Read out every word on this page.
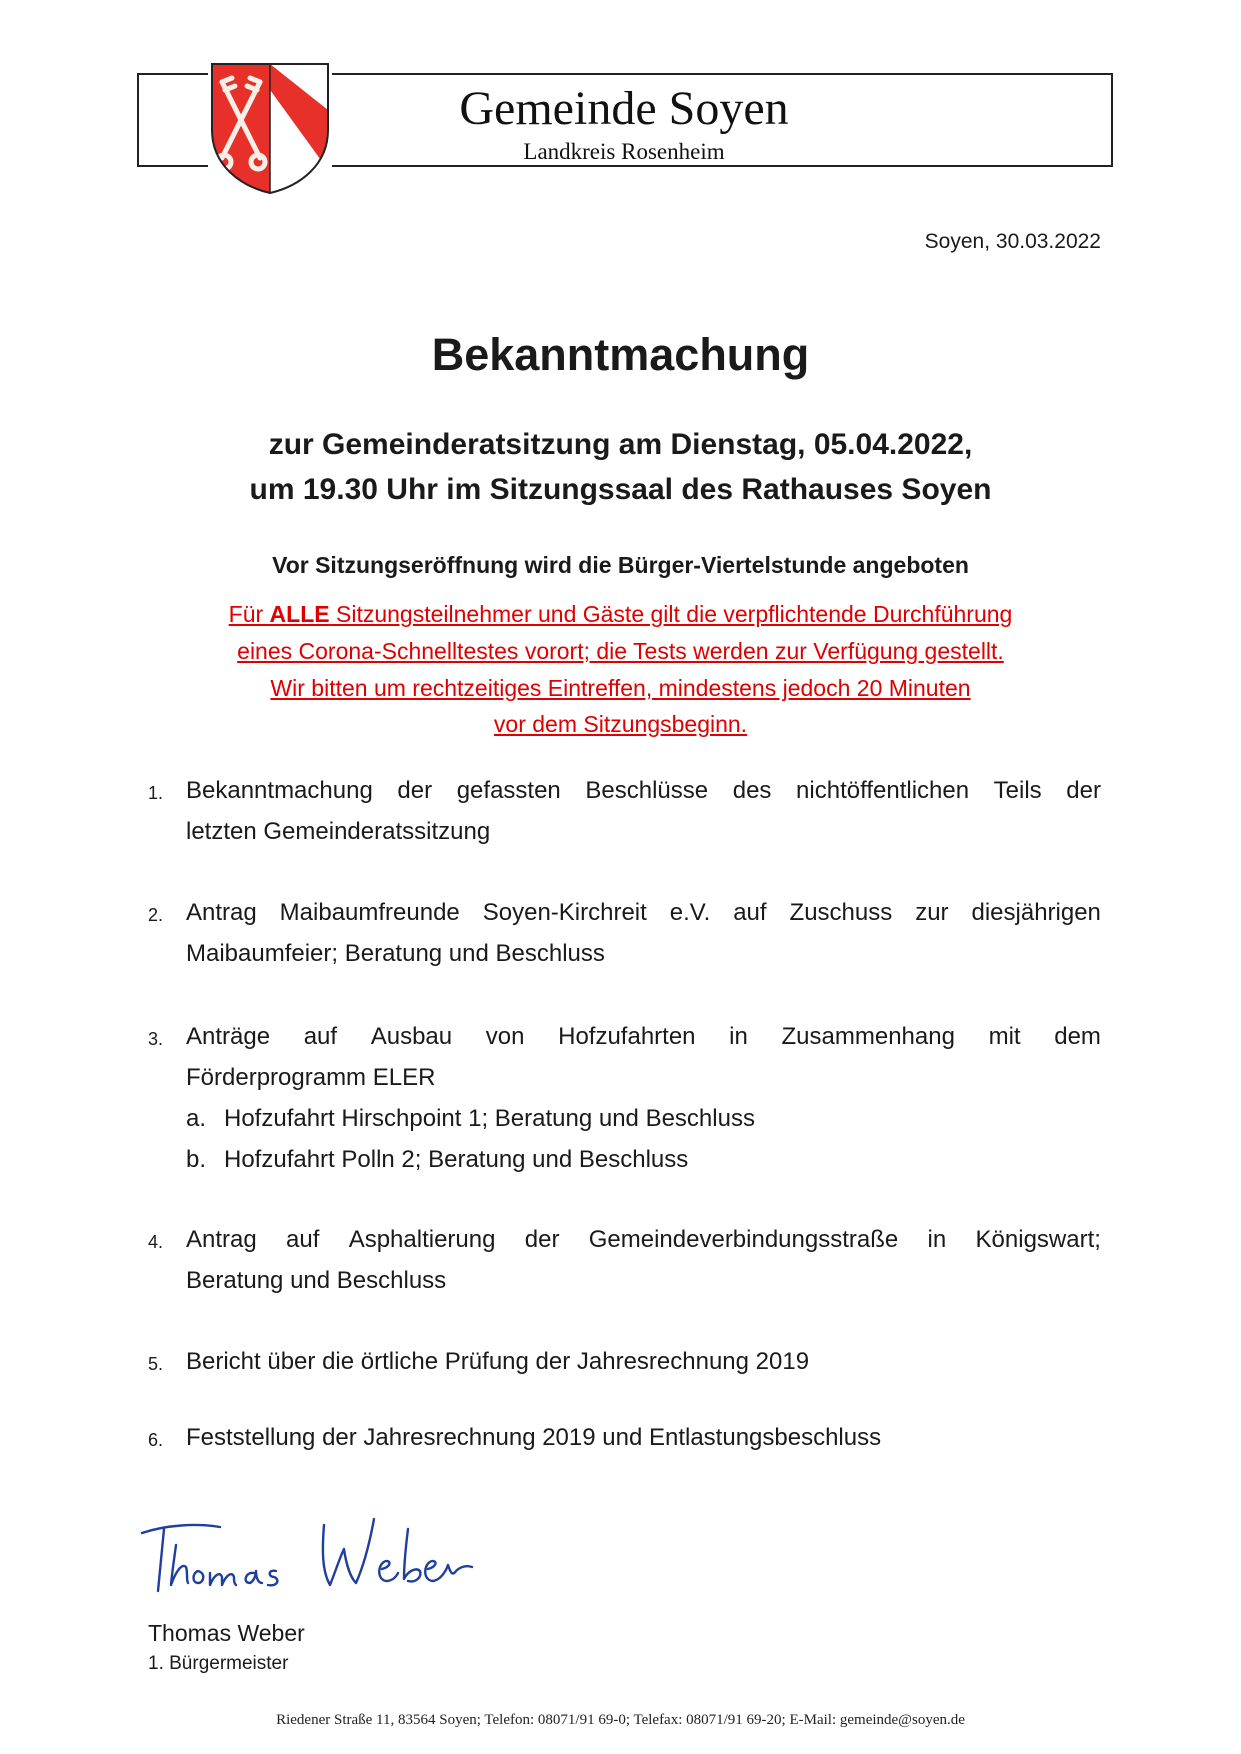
Gemeinde Soyen
Landkreis Rosenheim
Soyen, 30.03.2022
Bekanntmachung
zur Gemeinderatsitzung am Dienstag, 05.04.2022,
um 19.30 Uhr im Sitzungssaal des Rathauses Soyen
Vor Sitzungseröffnung wird die Bürger-Viertelstunde angeboten
Für ALLE Sitzungsteilnehmer und Gäste gilt die verpflichtende Durchführung
eines Corona-Schnelltestes vorort; die Tests werden zur Verfügung gestellt.
Wir bitten um rechtzeitiges Eintreffen, mindestens jedoch 20 Minuten
vor dem Sitzungsbeginn.
1. Bekanntmachung der gefassten Beschlüsse des nichtöffentlichen Teils der
letzten Gemeinderatssitzung
2. Antrag Maibaumfreunde Soyen-Kirchreit e.V. auf Zuschuss zur diesjährigen
Maibaumfeier; Beratung und Beschluss
3. Anträge auf Ausbau von Hofzufahrten in Zusammenhang mit dem
Förderprogramm ELER
a. Hofzufahrt Hirschpoint 1; Beratung und Beschluss
b. Hofzufahrt Polln 2; Beratung und Beschluss
4. Antrag auf Asphaltierung der Gemeindeverbindungsstraße in Königswart;
Beratung und Beschluss
5. Bericht über die örtliche Prüfung der Jahresrechnung 2019
6. Feststellung der Jahresrechnung 2019 und Entlastungsbeschluss
Thomas Weber
1. Bürgermeister
Riedener Straße 11, 83564 Soyen; Telefon: 08071/91 69-0; Telefax: 08071/91 69-20; E-Mail: gemeinde@soyen.de
